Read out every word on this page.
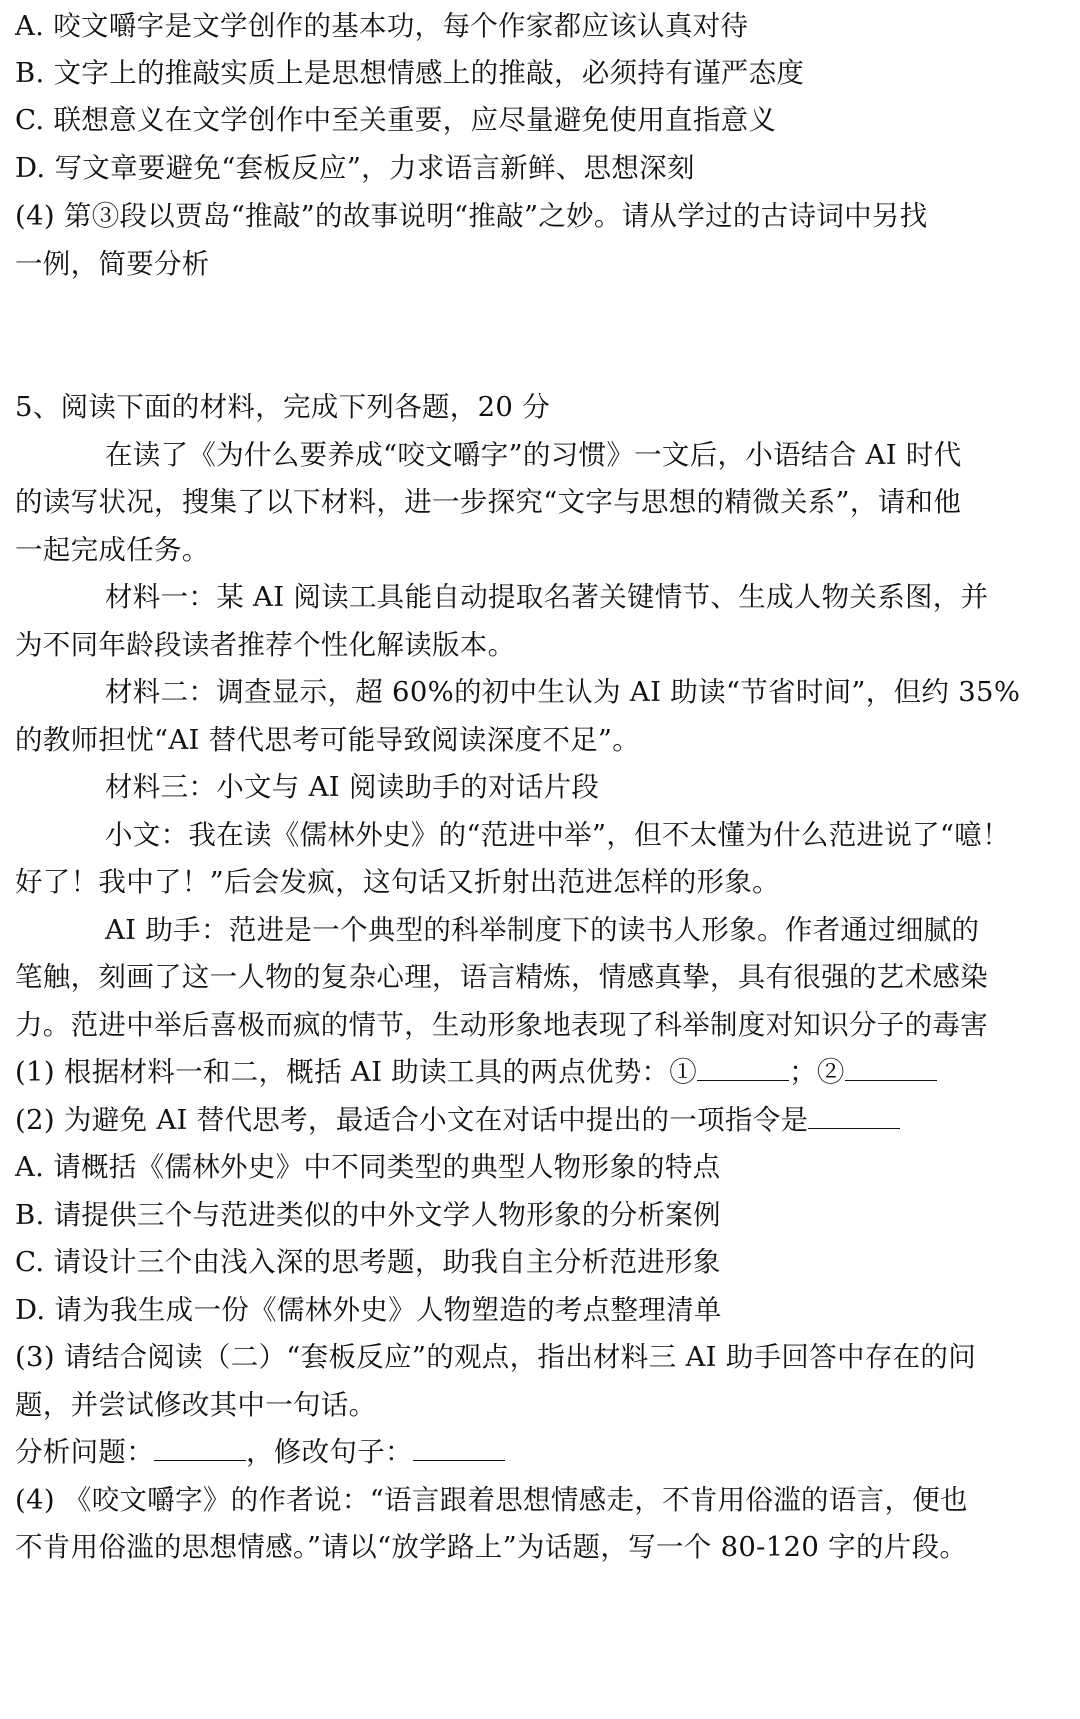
A. 咬文嚼字是文学创作的基本功，每个作家都应该认真对待
B. 文字上的推敲实质上是思想情感上的推敲，必须持有谨严态度
C. 联想意义在文学创作中至关重要，应尽量避免使用直指意义
D. 写文章要避免“套板反应”，力求语言新鲜、思想深刻
(4) 第③段以贾岛“推敲”的故事说明“推敲”之妙。请从学过的古诗词中另找
一例，简要分析
5、阅读下面的材料，完成下列各题，20 分
在读了《为什么要养成“咬文嚼字”的习惯》一文后，小语结合 AI 时代
的读写状况，搜集了以下材料，进一步探究“文字与思想的精微关系”，请和他
一起完成任务。
材料一：某 AI 阅读工具能自动提取名著关键情节、生成人物关系图，并
为不同年龄段读者推荐个性化解读版本。
材料二：调查显示，超 60%的初中生认为 AI 助读“节省时间”，但约 35%
的教师担忧“AI 替代思考可能导致阅读深度不足”。
材料三：小文与 AI 阅读助手的对话片段
小文：我在读《儒林外史》的“范进中举”，但不太懂为什么范进说了“噫！
好了！我中了！”后会发疯，这句话又折射出范进怎样的形象。
AI 助手：范进是一个典型的科举制度下的读书人形象。作者通过细腻的
笔触，刻画了这一人物的复杂心理，语言精炼，情感真挚，具有很强的艺术感染
力。范进中举后喜极而疯的情节，生动形象地表现了科举制度对知识分子的毒害
(1) 根据材料一和二，概括 AI 助读工具的两点优势：①	；②
(2) 为避免 AI 替代思考，最适合小文在对话中提出的一项指令是
A. 请概括《儒林外史》中不同类型的典型人物形象的特点
B. 请提供三个与范进类似的中外文学人物形象的分析案例
C. 请设计三个由浅入深的思考题，助我自主分析范进形象
D. 请为我生成一份《儒林外史》人物塑造的考点整理清单
(3) 请结合阅读（二）“套板反应”的观点，指出材料三 AI 助手回答中存在的问
题，并尝试修改其中一句话。
分析问题：	，修改句子：
(4) 《咬文嚼字》的作者说：“语言跟着思想情感走，不肯用俗滥的语言，便也
不肯用俗滥的思想情感。”请以“放学路上”为话题，写一个 80-120 字的片段。
